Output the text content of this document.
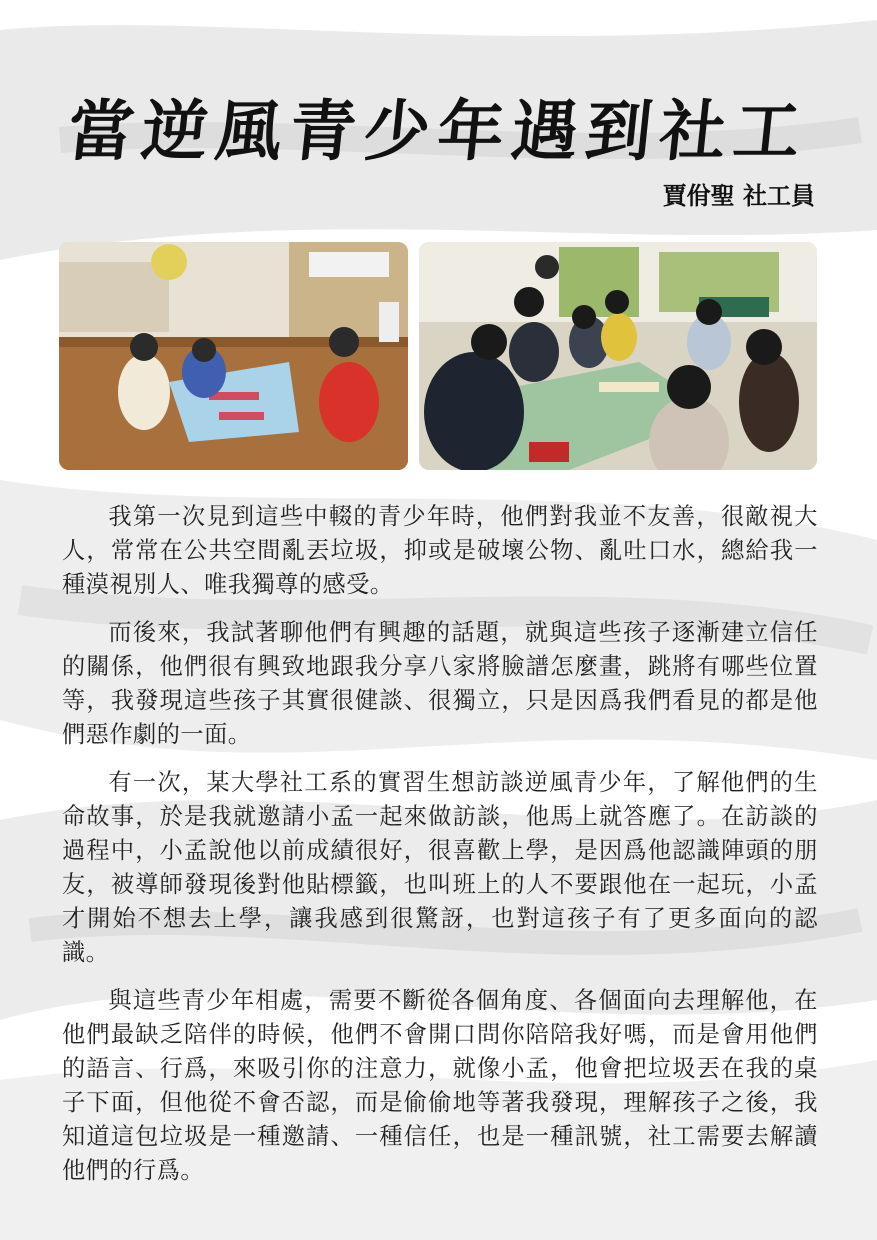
當逆風青少年遇到社工
賈佾聖 社工員

我第一次見到這些中輟的青少年時，他們對我並不友善，很敵視大人，常常在公共空間亂丟垃圾，抑或是破壞公物、亂吐口水，總給我一種漠視別人、唯我獨尊的感受。

而後來，我試著聊他們有興趣的話題，就與這些孩子逐漸建立信任的關係，他們很有興致地跟我分享八家將臉譜怎麼畫，跳將有哪些位置等，我發現這些孩子其實很健談、很獨立，只是因爲我們看見的都是他們惡作劇的一面。

有一次，某大學社工系的實習生想訪談逆風青少年，了解他們的生命故事，於是我就邀請小孟一起來做訪談，他馬上就答應了。在訪談的過程中，小孟說他以前成績很好，很喜歡上學，是因爲他認識陣頭的朋友，被導師發現後對他貼標籤，也叫班上的人不要跟他在一起玩，小孟才開始不想去上學，讓我感到很驚訝，也對這孩子有了更多面向的認識。

與這些青少年相處，需要不斷從各個角度、各個面向去理解他，在他們最缺乏陪伴的時候，他們不會開口問你陪陪我好嗎，而是會用他們的語言、行爲，來吸引你的注意力，就像小孟，他會把垃圾丟在我的桌子下面，但他從不會否認，而是偷偷地等著我發現，理解孩子之後，我知道這包垃圾是一種邀請、一種信任，也是一種訊號，社工需要去解讀他們的行爲。
